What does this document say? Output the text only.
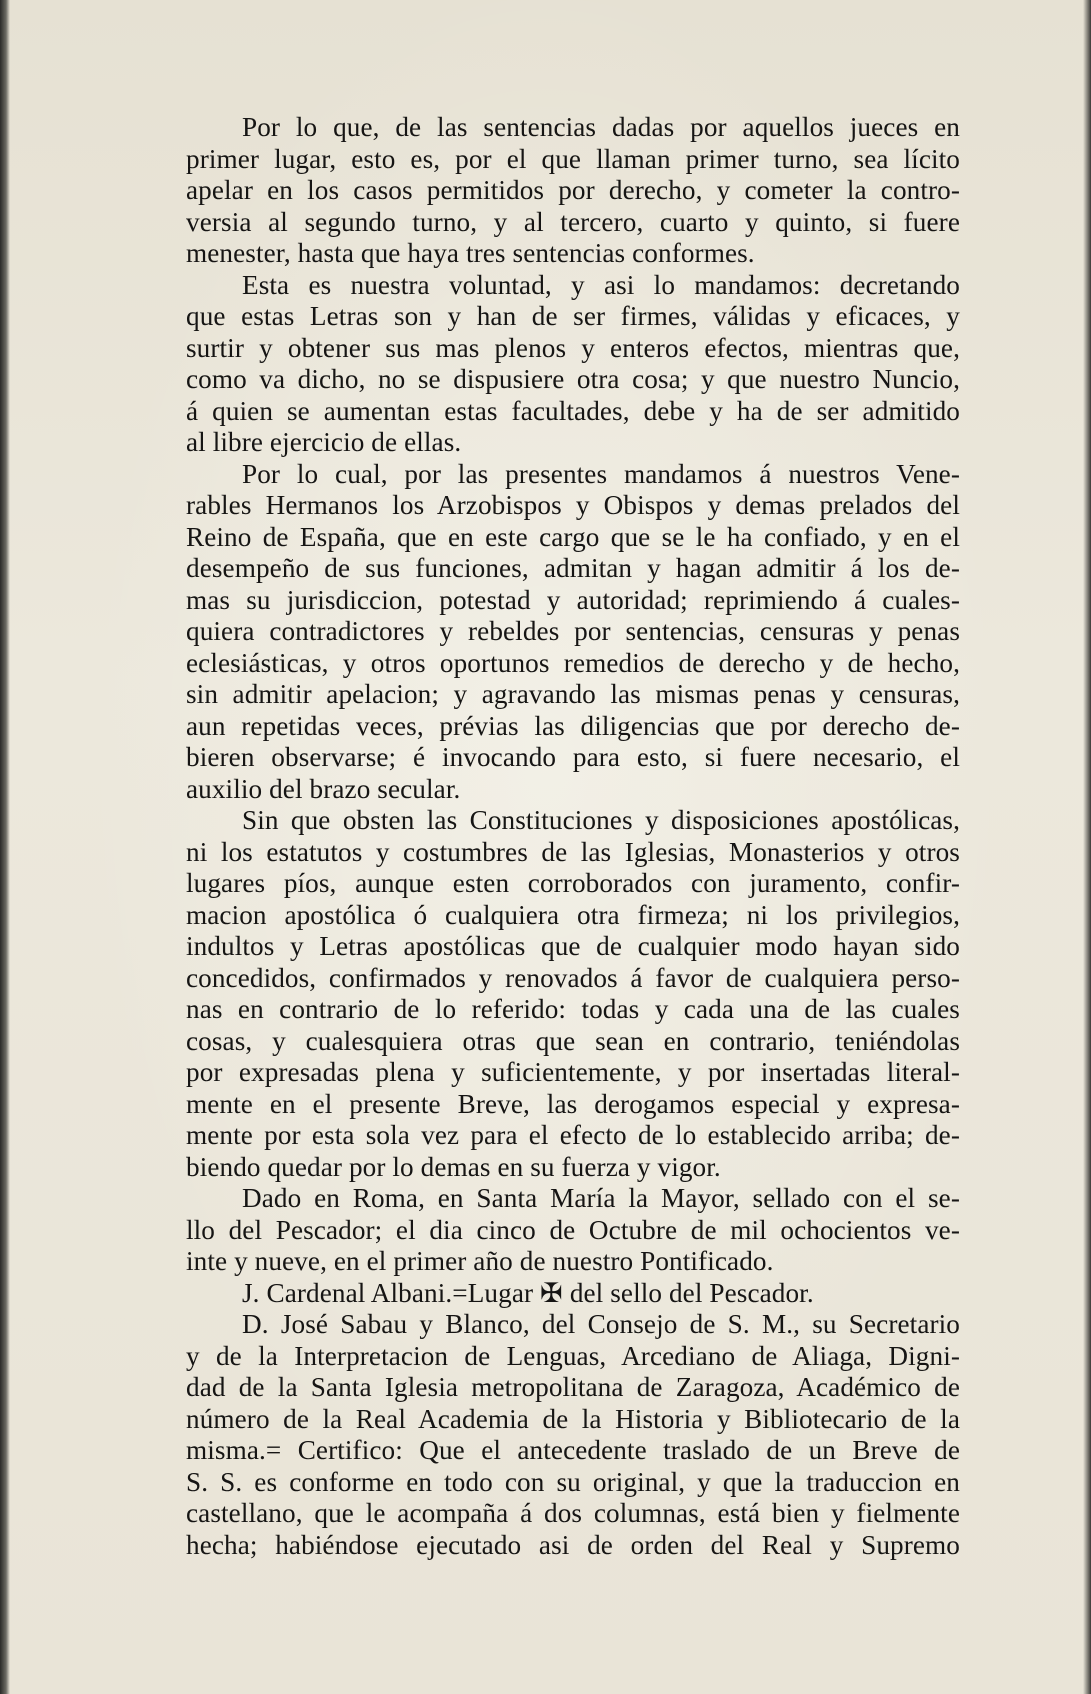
Por lo que, de las sentencias dadas por aquellos jueces en
primer lugar, esto es, por el que llaman primer turno, sea lícito
apelar en los casos permitidos por derecho, y cometer la contro-
versia al segundo turno, y al tercero, cuarto y quinto, si fuere
menester, hasta que haya tres sentencias conformes.
Esta es nuestra voluntad, y asi lo mandamos: decretando
que estas Letras son y han de ser firmes, válidas y eficaces, y
surtir y obtener sus mas plenos y enteros efectos, mientras que,
como va dicho, no se dispusiere otra cosa; y que nuestro Nuncio,
á quien se aumentan estas facultades, debe y ha de ser admitido
al libre ejercicio de ellas.
Por lo cual, por las presentes mandamos á nuestros Vene-
rables Hermanos los Arzobispos y Obispos y demas prelados del
Reino de España, que en este cargo que se le ha confiado, y en el
desempeño de sus funciones, admitan y hagan admitir á los de-
mas su jurisdiccion, potestad y autoridad; reprimiendo á cuales-
quiera contradictores y rebeldes por sentencias, censuras y penas
eclesiásticas, y otros oportunos remedios de derecho y de hecho,
sin admitir apelacion; y agravando las mismas penas y censuras,
aun repetidas veces, prévias las diligencias que por derecho de-
bieren observarse; é invocando para esto, si fuere necesario, el
auxilio del brazo secular.
Sin que obsten las Constituciones y disposiciones apostólicas,
ni los estatutos y costumbres de las Iglesias, Monasterios y otros
lugares píos, aunque esten corroborados con juramento, confir-
macion apostólica ó cualquiera otra firmeza; ni los privilegios,
indultos y Letras apostólicas que de cualquier modo hayan sido
concedidos, confirmados y renovados á favor de cualquiera perso-
nas en contrario de lo referido: todas y cada una de las cuales
cosas, y cualesquiera otras que sean en contrario, teniéndolas
por expresadas plena y suficientemente, y por insertadas literal-
mente en el presente Breve, las derogamos especial y expresa-
mente por esta sola vez para el efecto de lo establecido arriba; de-
biendo quedar por lo demas en su fuerza y vigor.
Dado en Roma, en Santa María la Mayor, sellado con el se-
llo del Pescador; el dia cinco de Octubre de mil ochocientos ve-
inte y nueve, en el primer año de nuestro Pontificado.
J. Cardenal Albani.=Lugar ✠ del sello del Pescador.
D. José Sabau y Blanco, del Consejo de S. M., su Secretario
y de la Interpretacion de Lenguas, Arcediano de Aliaga, Digni-
dad de la Santa Iglesia metropolitana de Zaragoza, Académico de
número de la Real Academia de la Historia y Bibliotecario de la
misma.= Certifico: Que el antecedente traslado de un Breve de
S. S. es conforme en todo con su original, y que la traduccion en
castellano, que le acompaña á dos columnas, está bien y fielmente
hecha; habiéndose ejecutado asi de orden del Real y Supremo
